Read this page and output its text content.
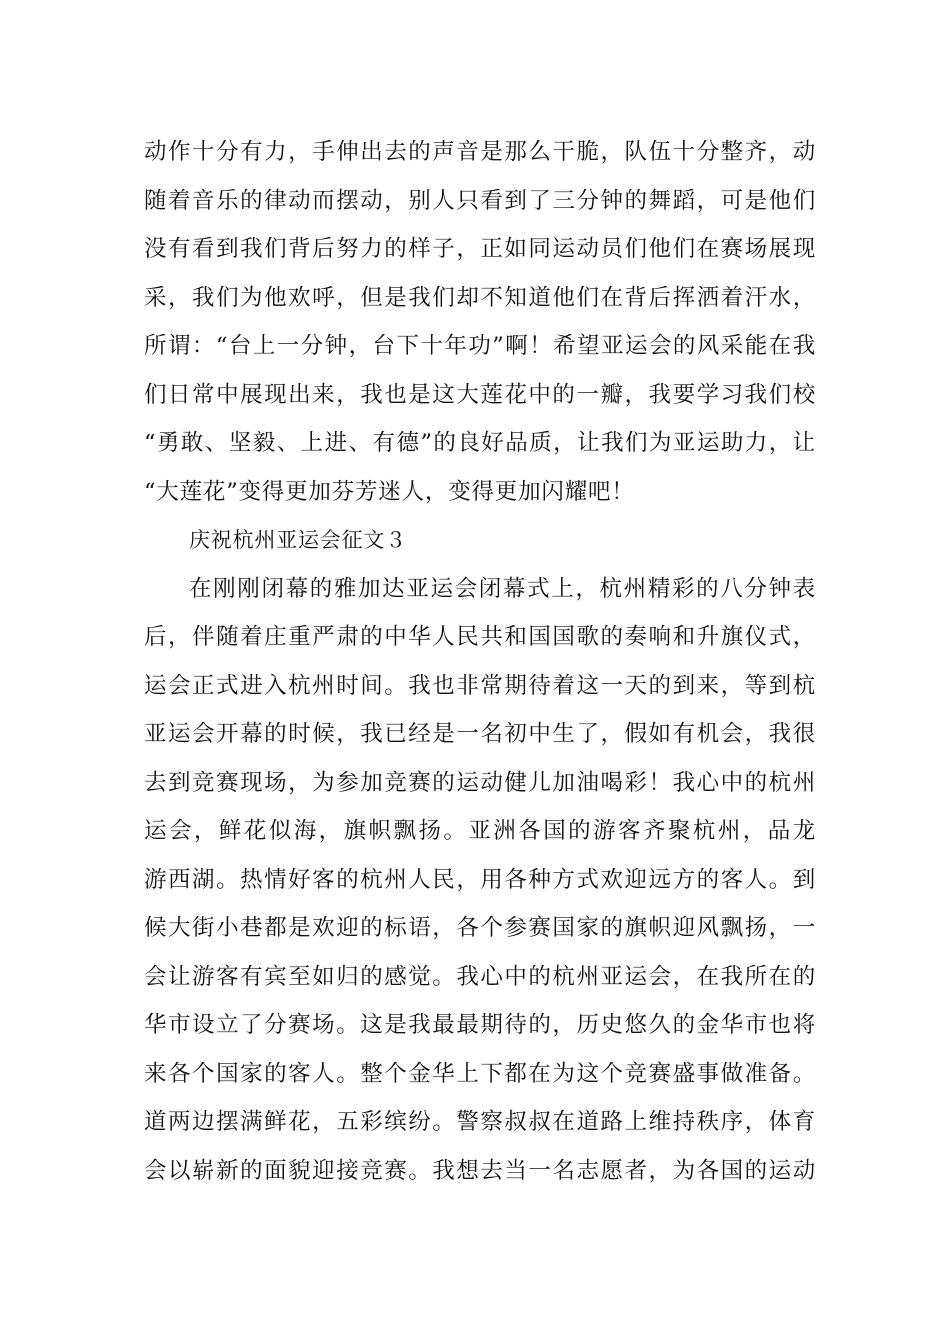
动作十分有力，手伸出去的声音是那么干脆，队伍十分整齐，动
随着音乐的律动而摆动，别人只看到了三分钟的舞蹈，可是他们
没有看到我们背后努力的样子，正如同运动员们他们在赛场展现
采，我们为他欢呼，但是我们却不知道他们在背后挥洒着汗水，
所谓：“台上一分钟，台下十年功”啊！希望亚运会的风采能在我
们日常中展现出来，我也是这大莲花中的一瓣，我要学习我们校
“勇敢、坚毅、上进、有德”的良好品质，让我们为亚运助力，让
“大莲花”变得更加芬芳迷人，变得更加闪耀吧！
庆祝杭州亚运会征文３
在刚刚闭幕的雅加达亚运会闭幕式上，杭州精彩的八分钟表
后，伴随着庄重严肃的中华人民共和国国歌的奏响和升旗仪式，
运会正式进入杭州时间。我也非常期待着这一天的到来，等到杭
亚运会开幕的时候，我已经是一名初中生了，假如有机会，我很
去到竞赛现场，为参加竞赛的运动健儿加油喝彩！我心中的杭州
运会，鲜花似海，旗帜飘扬。亚洲各国的游客齐聚杭州，品龙
游西湖。热情好客的杭州人民，用各种方式欢迎远方的客人。到
候大街小巷都是欢迎的标语，各个参赛国家的旗帜迎风飘扬，一
会让游客有宾至如归的感觉。我心中的杭州亚运会，在我所在的
华市设立了分赛场。这是我最最期待的，历史悠久的金华市也将
来各个国家的客人。整个金华上下都在为这个竞赛盛事做准备。
道两边摆满鲜花，五彩缤纷。警察叔叔在道路上维持秩序，体育
会以崭新的面貌迎接竞赛。我想去当一名志愿者，为各国的运动
